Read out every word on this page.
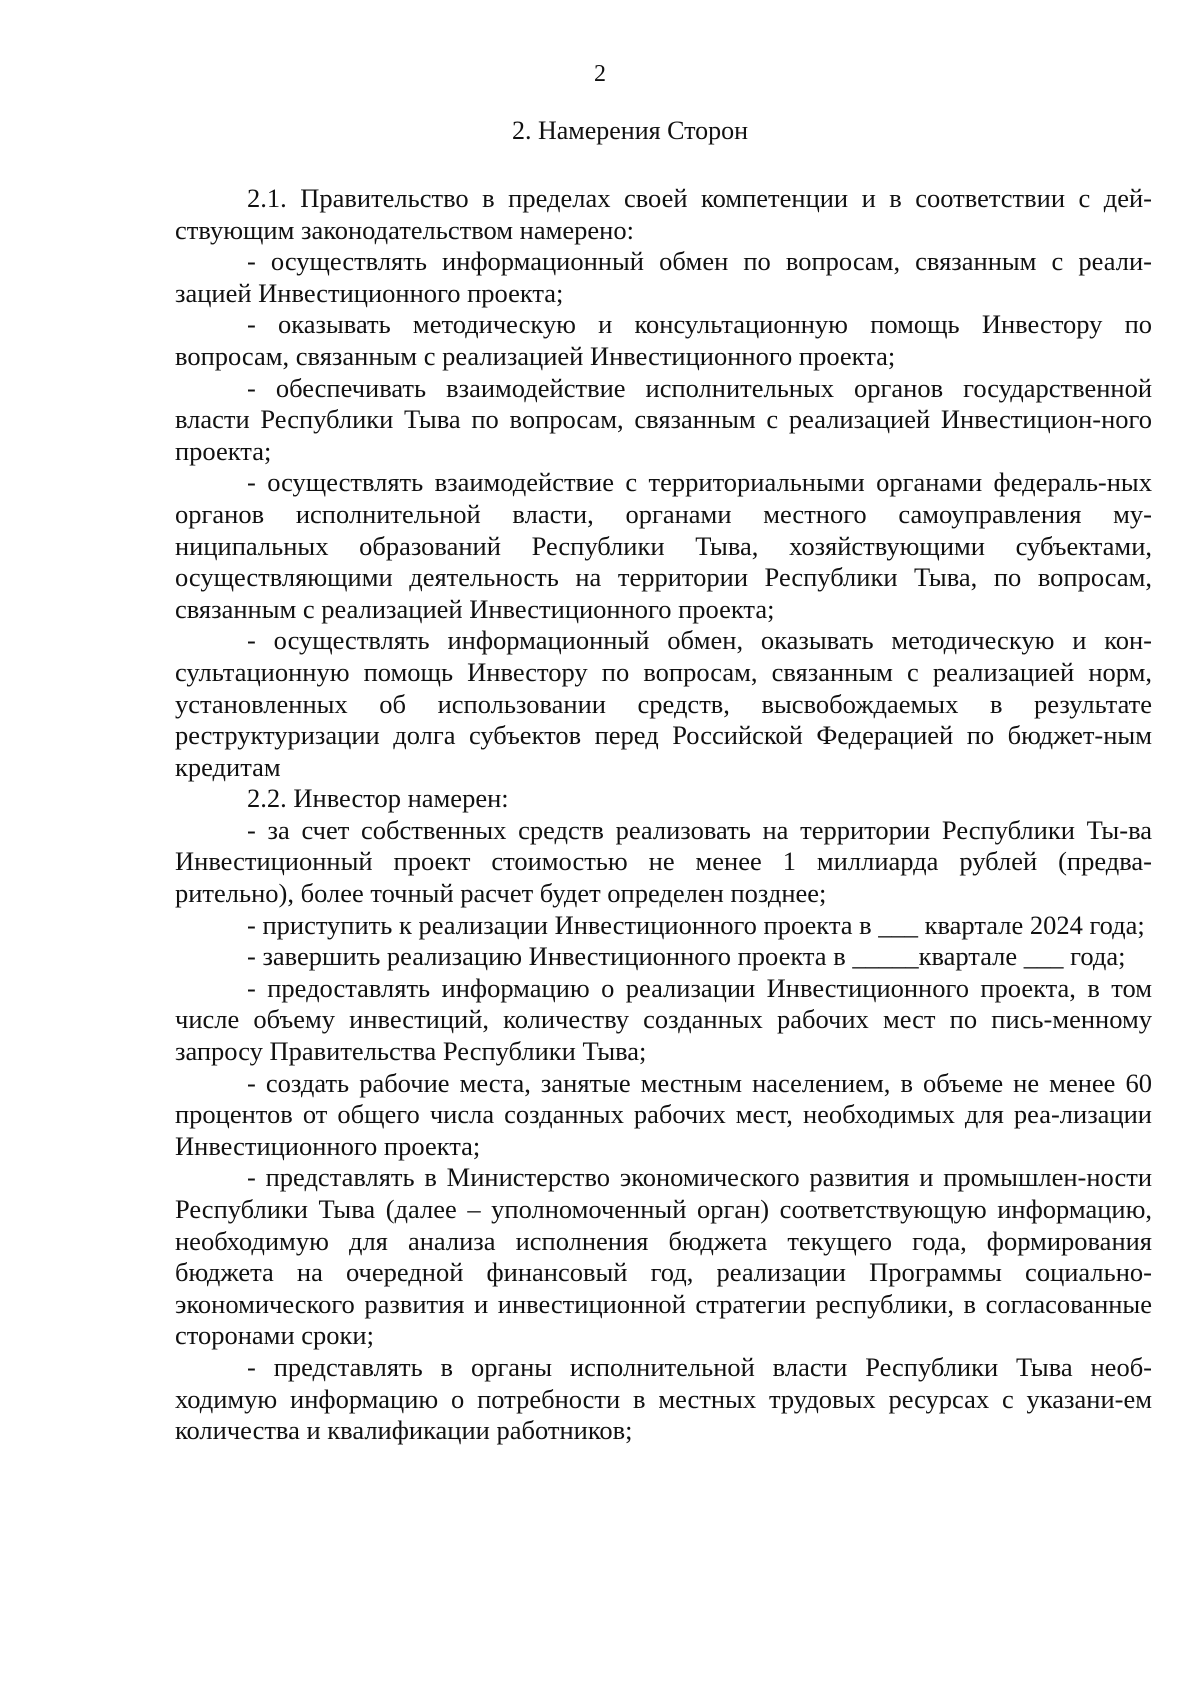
2
2. Намерения Сторон

2.1. Правительство в пределах своей компетенции и в соответствии с дей-ствующим законодательством намерено:

- осуществлять информационный обмен по вопросам, связанным с реали-зацией Инвестиционного проекта;

- оказывать методическую и консультационную помощь Инвестору по вопросам, связанным с реализацией Инвестиционного проекта;

- обеспечивать взаимодействие исполнительных органов государственной власти Республики Тыва по вопросам, связанным с реализацией Инвестицион-ного проекта;

- осуществлять взаимодействие с территориальными органами федераль-ных органов исполнительной власти, органами местного самоуправления му-ниципальных образований Республики Тыва, хозяйствующими субъектами, осуществляющими деятельность на территории Республики Тыва, по вопросам, связанным с реализацией Инвестиционного проекта;

- осуществлять информационный обмен, оказывать методическую и кон-сультационную помощь Инвестору по вопросам, связанным с реализацией норм, установленных об использовании средств, высвобождаемых в результате реструктуризации долга субъектов перед Российской Федерацией по бюджет-ным кредитам

2.2. Инвестор намерен:

- за счет собственных средств реализовать на территории Республики Ты-ва Инвестиционный проект стоимостью не менее 1 миллиарда рублей (предва-рительно), более точный расчет будет определен позднее;

- приступить к реализации Инвестиционного проекта в ___ квартале 2024 года;

- завершить реализацию Инвестиционного проекта в _____квартале ___ года;

- предоставлять информацию о реализации Инвестиционного проекта, в том числе объему инвестиций, количеству созданных рабочих мест по пись-менному запросу Правительства Республики Тыва;

- создать рабочие места, занятые местным населением, в объеме не менее 60 процентов от общего числа созданных рабочих мест, необходимых для реа-лизации Инвестиционного проекта;

- представлять в Министерство экономического развития и промышлен-ности Республики Тыва (далее – уполномоченный орган) соответствующую информацию, необходимую для анализа исполнения бюджета текущего года, формирования бюджета на очередной финансовый год, реализации Программы социально-экономического развития и инвестиционной стратегии республики, в согласованные сторонами сроки;

- представлять в органы исполнительной власти Республики Тыва необ-ходимую информацию о потребности в местных трудовых ресурсах с указани-ем количества и квалификации работников;
